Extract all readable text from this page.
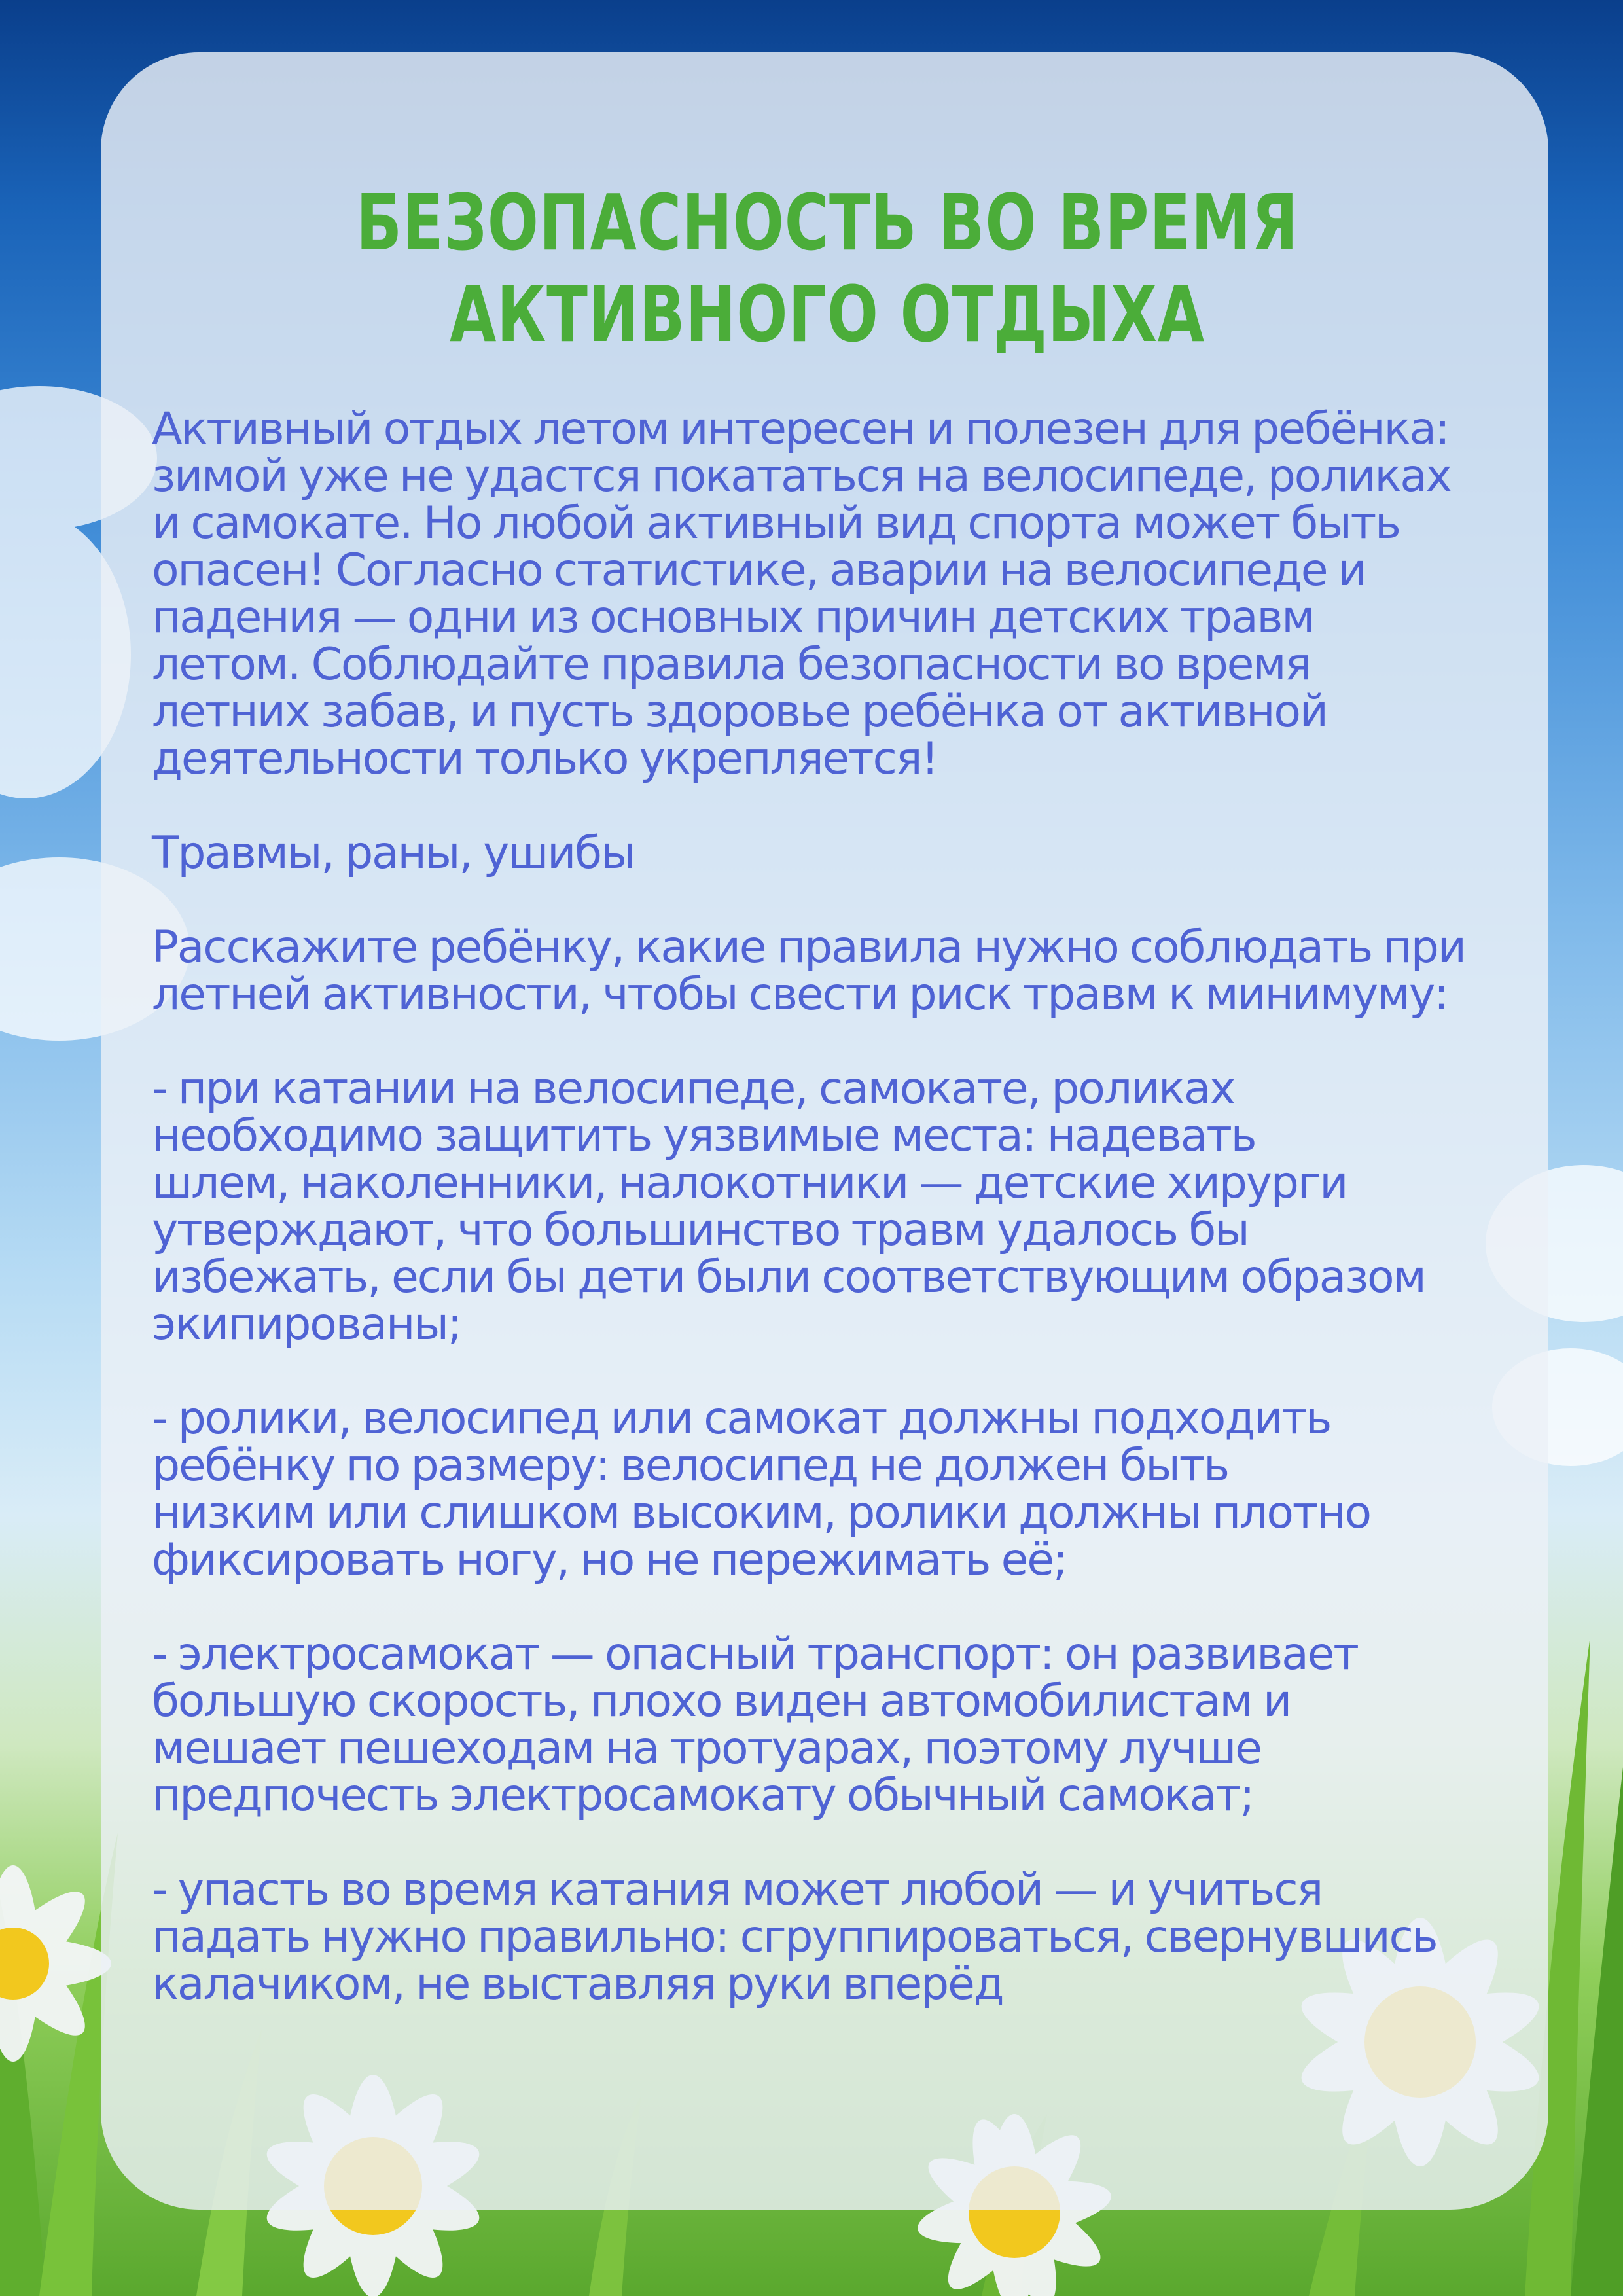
БЕЗОПАСНОСТЬ ВО ВРЕМЯ
АКТИВНОГО ОТДЫХА
Активный отдых летом интересен и полезен для ребёнка:
зимой уже не удастся покататься на велосипеде, роликах
и самокате. Но любой активный вид спорта может быть
опасен! Согласно статистике, аварии на велосипеде и
падения — одни из основных причин детских травм
летом. Соблюдайте правила безопасности во время
летних забав, и пусть здоровье ребёнка от активной
деятельности только укрепляется!
Травмы, раны, ушибы
Расскажите ребёнку, какие правила нужно соблюдать при
летней активности, чтобы свести риск травм к минимуму:
- при катании на велосипеде, самокате, роликах
необходимо защитить уязвимые места: надевать
шлем, наколенники, налокотники — детские хирурги
утверждают, что большинство травм удалось бы
избежать, если бы дети были соответствующим образом
экипированы;
- ролики, велосипед или самокат должны подходить
ребёнку по размеру: велосипед не должен быть
низким или слишком высоким, ролики должны плотно
фиксировать ногу, но не пережимать её;
- электросамокат — опасный транспорт: он развивает
большую скорость, плохо виден автомобилистам и
мешает пешеходам на тротуарах, поэтому лучше
предпочесть электросамокату обычный самокат;
- упасть во время катания может любой — и учиться
падать нужно правильно: сгруппироваться, свернувшись
калачиком, не выставляя руки вперёд
